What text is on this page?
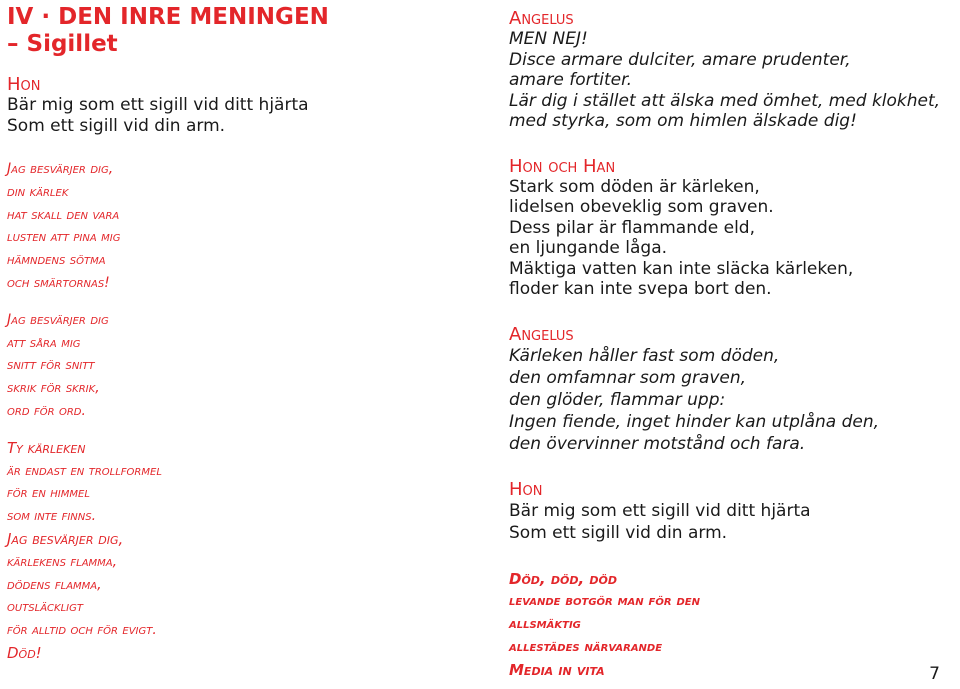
IV · DEN INRE MENINGEN
– Sigillet
Hon
Bär mig som ett sigill vid ditt hjärta
Som ett sigill vid din arm.
Jag besvärjer dig,
din kärlek
hat skall den vara
lusten att pina mig
hämndens sötma
och smärtornas!
Jag besvärjer dig
att såra mig
snitt för snitt
skrik för skrik,
ord för ord.
Ty kärleken
är endast en trollformel
för en himmel
som inte finns.
Jag besvärjer dig,
kärlekens flamma,
dödens flamma,
outsläckligt
för alltid och för evigt.
Död!
Angelus
MEN NEJ!
Disce armare dulciter, amare prudenter,
amare fortiter.
Lär dig i stället att älska med ömhet, med klokhet,
med styrka, som om himlen älskade dig!
Hon och Han
Stark som döden är kärleken,
lidelsen obeveklig som graven.
Dess pilar är flammande eld,
en ljungande låga.
Mäktiga vatten kan inte släcka kärleken,
floder kan inte svepa bort den.
Angelus
Kärleken håller fast som döden,
den omfamnar som graven,
den glöder, flammar upp:
Ingen fiende, inget hinder kan utplåna den,
den övervinner motstånd och fara.
Hon
Bär mig som ett sigill vid ditt hjärta
Som ett sigill vid din arm.
Död, död, död
levande botgör man för den
allsmäktig
allestädes närvarande
Media in vita	7
